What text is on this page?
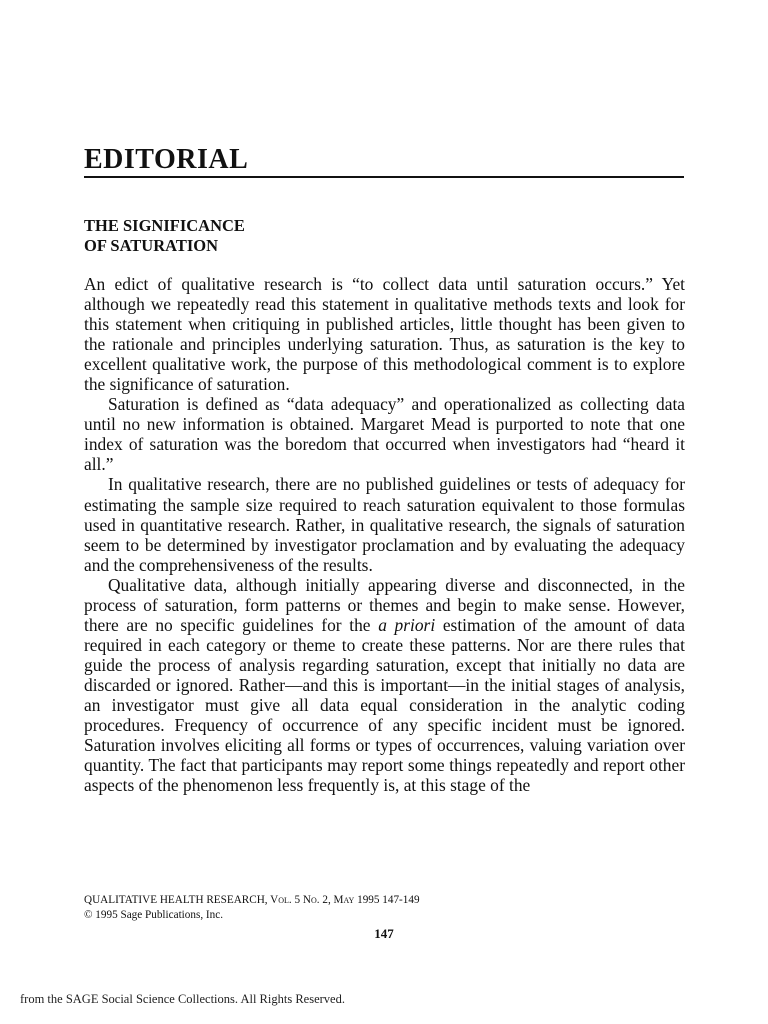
EDITORIAL
THE SIGNIFICANCE
OF SATURATION

An edict of qualitative research is “to collect data until saturation occurs.” Yet although we repeatedly read this statement in qualitative methods texts and look for this statement when critiquing in published articles, little thought has been given to the rationale and principles underlying saturation. Thus, as saturation is the key to excellent qualitative work, the purpose of this methodological comment is to explore the significance of saturation.

Saturation is defined as “data adequacy” and operationalized as collecting data until no new information is obtained. Margaret Mead is purported to note that one index of saturation was the boredom that occurred when investigators had “heard it all.”

In qualitative research, there are no published guidelines or tests of adequacy for estimating the sample size required to reach saturation equivalent to those formulas used in quantitative research. Rather, in qualitative research, the signals of saturation seem to be determined by investigator proclamation and by evaluating the adequacy and the comprehensiveness of the results.

Qualitative data, although initially appearing diverse and disconnected, in the process of saturation, form patterns or themes and begin to make sense. However, there are no specific guidelines for the a priori estimation of the amount of data required in each category or theme to create these patterns. Nor are there rules that guide the process of analysis regarding saturation, except that initially no data are discarded or ignored. Rather—and this is important—in the initial stages of analysis, an investigator must give all data equal consideration in the analytic coding procedures. Frequency of occurrence of any specific incident must be ignored. Saturation involves eliciting all forms or types of occurrences, valuing variation over quantity. The fact that participants may report some things repeatedly and report other aspects of the phenomenon less frequently is, at this stage of the

QUALITATIVE HEALTH RESEARCH, Vol. 5 No. 2, May 1995 147-149
© 1995 Sage Publications, Inc.
147
from the SAGE Social Science Collections. All Rights Reserved.
